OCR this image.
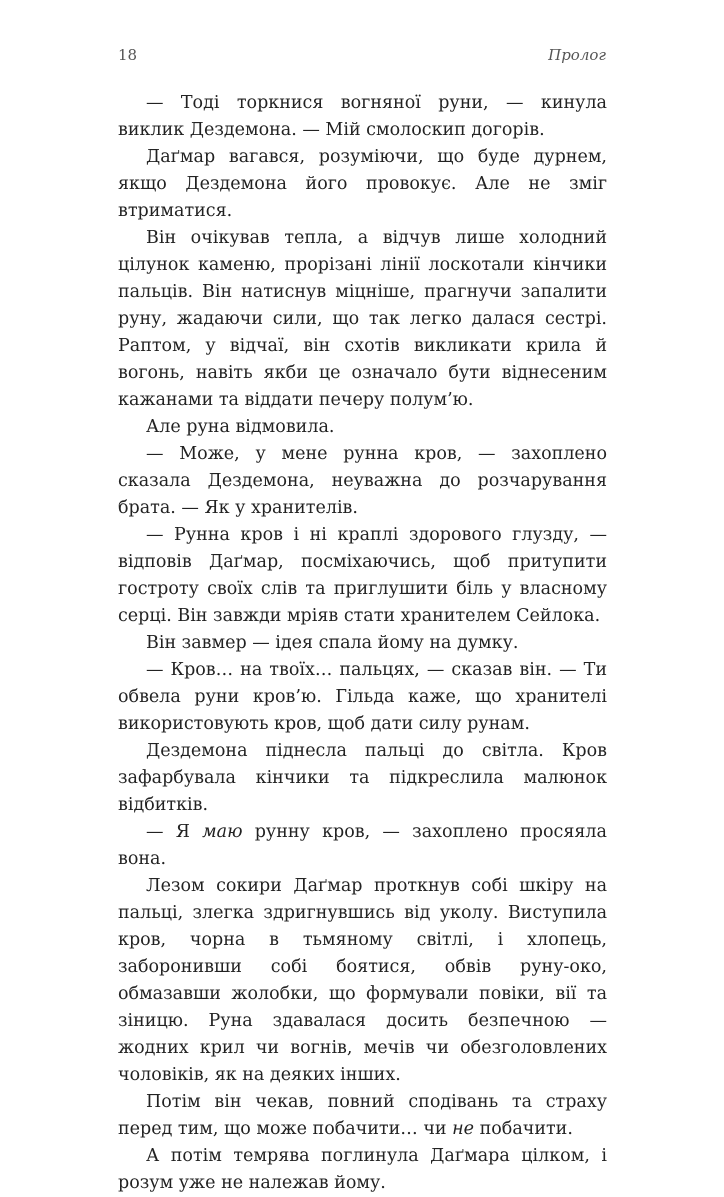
18	Пролог

— Тоді торкнися вогняної руни, — кинула виклик Дездемона. — Мій смолоскип догорів.

Даґмар вагався, розуміючи, що буде дурнем, якщо Дездемона його провокує. Але не зміг втриматися.

Він очікував тепла, а відчув лише холодний цілунок каменю, прорізані лінії лоскотали кінчики пальців. Він натиснув міцніше, прагнучи запалити руну, жадаючи сили, що так легко далася сестрі. Раптом, у відчаї, він схотів викликати крила й вогонь, навіть якби це означало бути віднесеним кажанами та віддати печеру полум’ю.

Але руна відмовила.

— Може, у мене рунна кров, — захоплено сказала Дездемона, неуважна до розчарування брата. — Як у хранителів.

— Рунна кров і ні краплі здорового глузду, — відповів Даґмар, посміхаючись, щоб притупити гостроту своїх слів та приглушити біль у власному серці. Він завжди мріяв стати хранителем Сейлока.

Він завмер — ідея спала йому на думку.

— Кров… на твоїх… пальцях, — сказав він. — Ти обвела руни кров’ю. Гільда каже, що хранителі використовують кров, щоб дати силу рунам.

Дездемона піднесла пальці до світла. Кров зафарбувала кінчики та підкреслила малюнок відбитків.

— Я маю рунну кров, — захоплено просяяла вона.

Лезом сокири Даґмар проткнув собі шкіру на пальці, злегка здригнувшись від уколу. Виступила кров, чорна в тьмяному світлі, і хлопець, заборонивши собі боятися, обвів руну-око, обмазавши жолобки, що формували повіки, вії та зіницю. Руна здавалася досить безпечною — жодних крил чи вогнів, мечів чи обезголовлених чоловіків, як на деяких інших.

Потім він чекав, повний сподівань та страху перед тим, що може побачити… чи не побачити.

А потім темрява поглинула Даґмара цілком, і розум уже не належав йому.
